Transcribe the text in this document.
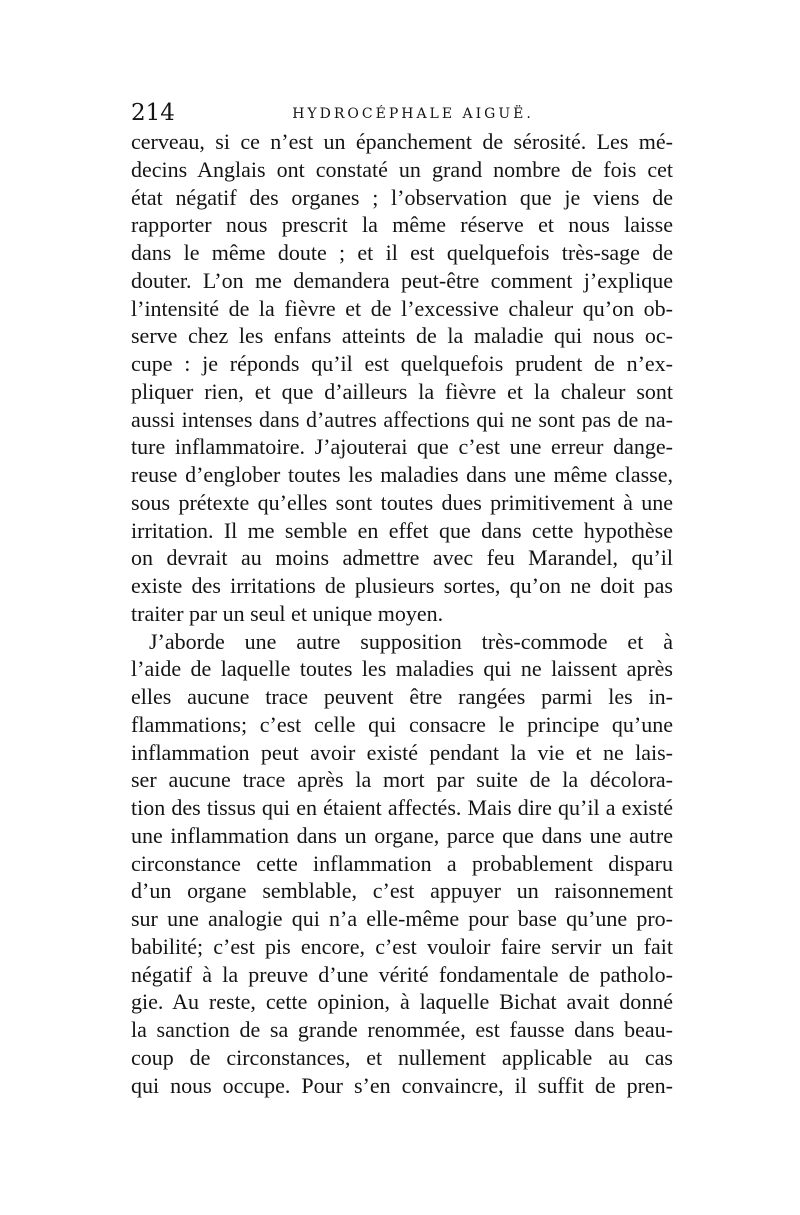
214	HYDROCÉPHALE AIGUË.
cerveau, si ce n’est un épanchement de sérosité. Les mé-
decins Anglais ont constaté un grand nombre de fois cet
état négatif des organes ; l’observation que je viens de
rapporter nous prescrit la même réserve et nous laisse
dans le même doute ; et il est quelquefois très-sage de
douter. L’on me demandera peut-être comment j’explique
l’intensité de la fièvre et de l’excessive chaleur qu’on ob-
serve chez les enfans atteints de la maladie qui nous oc-
cupe : je réponds qu’il est quelquefois prudent de n’ex-
pliquer rien, et que d’ailleurs la fièvre et la chaleur sont
aussi intenses dans d’autres affections qui ne sont pas de na-
ture inflammatoire. J’ajouterai que c’est une erreur dange-
reuse d’englober toutes les maladies dans une même classe,
sous prétexte qu’elles sont toutes dues primitivement à une
irritation. Il me semble en effet que dans cette hypothèse
on devrait au moins admettre avec feu Marandel, qu’il
existe des irritations de plusieurs sortes, qu’on ne doit pas
traiter par un seul et unique moyen.
J’aborde une autre supposition très-commode et à
l’aide de laquelle toutes les maladies qui ne laissent après
elles aucune trace peuvent être rangées parmi les in-
flammations; c’est celle qui consacre le principe qu’une
inflammation peut avoir existé pendant la vie et ne lais-
ser aucune trace après la mort par suite de la décolora-
tion des tissus qui en étaient affectés. Mais dire qu’il a existé
une inflammation dans un organe, parce que dans une autre
circonstance cette inflammation a probablement disparu
d’un organe semblable, c’est appuyer un raisonnement
sur une analogie qui n’a elle-même pour base qu’une pro-
babilité; c’est pis encore, c’est vouloir faire servir un fait
négatif à la preuve d’une vérité fondamentale de patholo-
gie. Au reste, cette opinion, à laquelle Bichat avait donné
la sanction de sa grande renommée, est fausse dans beau-
coup de circonstances, et nullement applicable au cas
qui nous occupe. Pour s’en convaincre, il suffit de pren-
